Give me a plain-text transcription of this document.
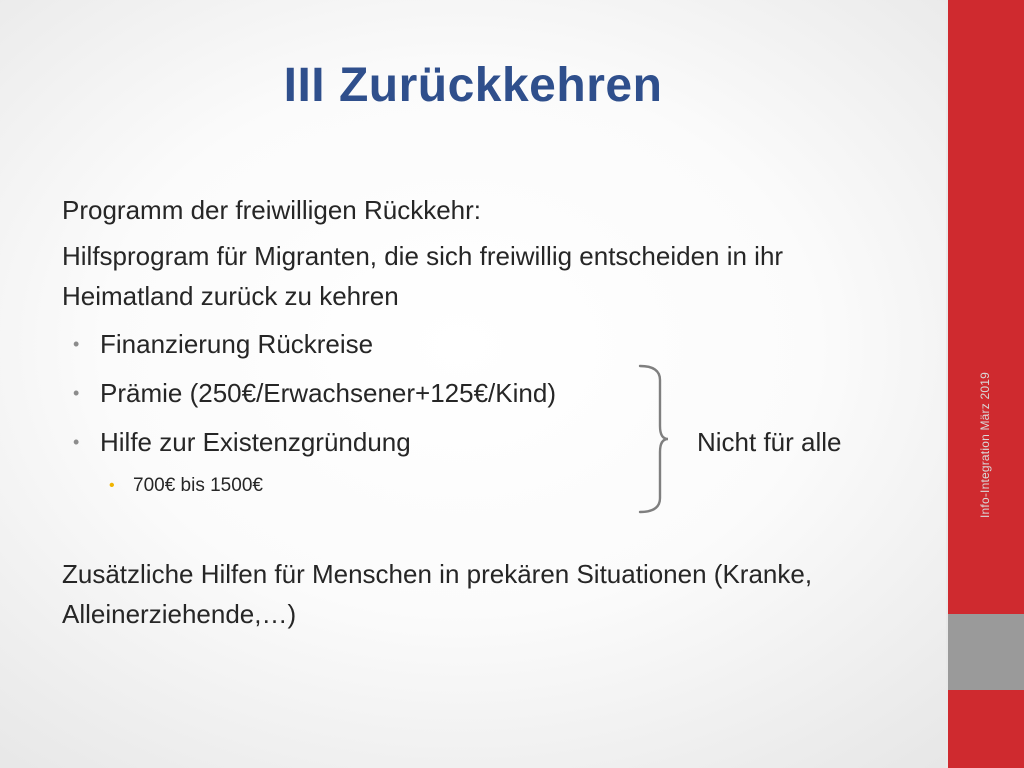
III Zurückkehren

Programm der freiwilligen Rückkehr:

Hilfsprogram für Migranten, die sich freiwillig entscheiden in ihr Heimatland zurück zu kehren

• Finanzierung Rückreise
• Prämie (250€/Erwachsener+125€/Kind)
• Hilfe zur Existenzgründung
• 700€ bis 1500€
Nicht für alle

Zusätzliche Hilfen für Menschen in prekären Situationen (Kranke, Alleinerziehende,…)

Info-Integration März 2019
